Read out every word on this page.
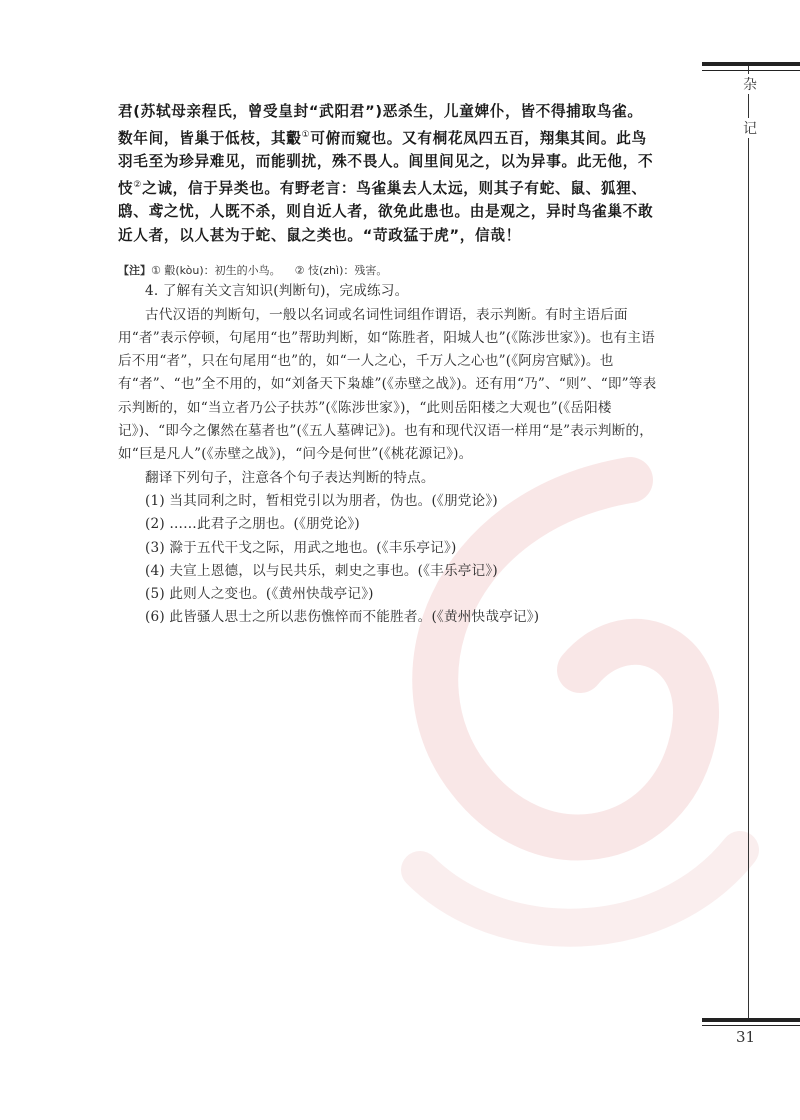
杂
记
31

君(苏轼母亲程氏，曾受皇封“武阳君”)恶杀生，儿童婢仆，皆不得捕取鸟雀。数年间，皆巢于低枝，其鷇①可俯而窥也。又有桐花凤四五百，翔集其间。此鸟羽毛至为珍异难见，而能驯扰，殊不畏人。闾里间见之，以为异事。此无他，不忮②之诚，信于异类也。有野老言：鸟雀巢去人太远，则其子有蛇、鼠、狐狸、鸱、鸢之忧，人既不杀，则自近人者，欲免此患也。由是观之，异时鸟雀巢不敢近人者，以人甚为于蛇、鼠之类也。“苛政猛于虎”，信哉！

【注】① 鷇(kòu)：初生的小鸟。 ② 忮(zhì)：残害。

4. 了解有关文言知识(判断句)，完成练习。

古代汉语的判断句，一般以名词或名词性词组作谓语，表示判断。有时主语后面用“者”表示停顿，句尾用“也”帮助判断，如“陈胜者，阳城人也”(《陈涉世家》)。也有主语后不用“者”，只在句尾用“也”的，如“一人之心，千万人之心也”(《阿房宫赋》)。也有“者”、“也”全不用的，如“刘备天下枭雄”(《赤壁之战》)。还有用“乃”、“则”、“即”等表示判断的，如“当立者乃公子扶苏”(《陈涉世家》)，“此则岳阳楼之大观也”(《岳阳楼记》)、“即今之傫然在墓者也”(《五人墓碑记》)。也有和现代汉语一样用“是”表示判断的，如“巨是凡人”(《赤壁之战》)，“问今是何世”(《桃花源记》)。

翻译下列句子，注意各个句子表达判断的特点。

(1) 当其同利之时，暂相党引以为朋者，伪也。(《朋党论》)

(2) ……此君子之朋也。(《朋党论》)

(3) 滁于五代干戈之际，用武之地也。(《丰乐亭记》)

(4) 夫宣上恩德，以与民共乐，刺史之事也。(《丰乐亭记》)

(5) 此则人之变也。(《黄州快哉亭记》)

(6) 此皆骚人思士之所以悲伤憔悴而不能胜者。(《黄州快哉亭记》)
